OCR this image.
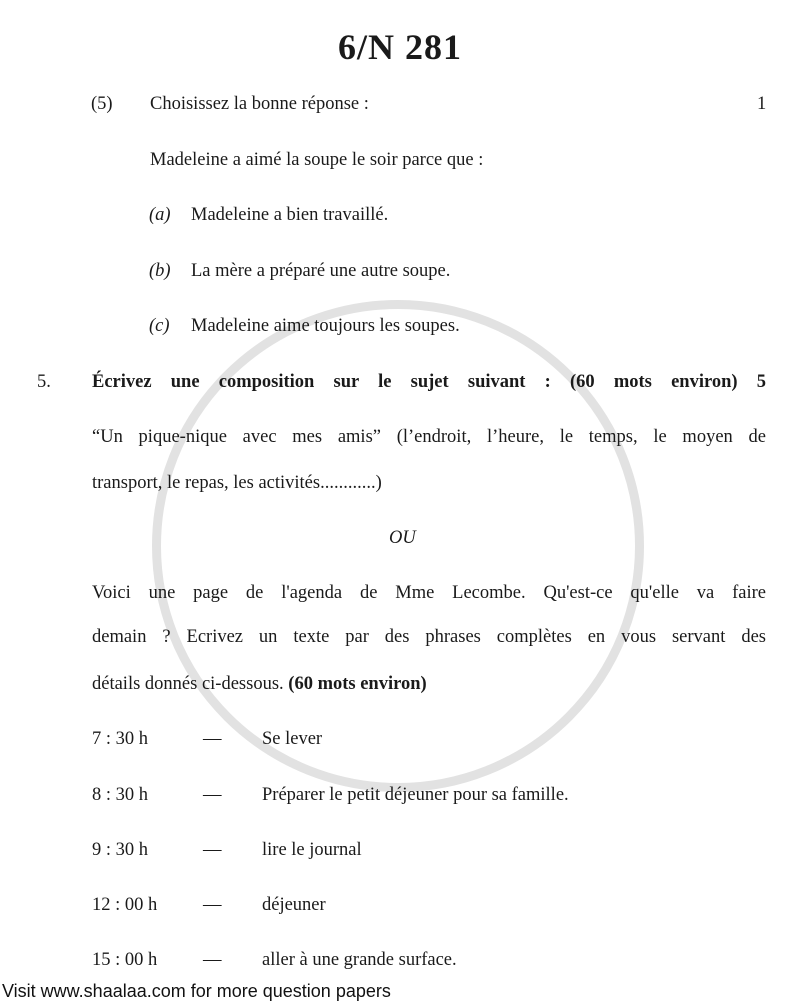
6/N 281
(5) Choisissez la bonne réponse :	1
Madeleine a aimé la soupe le soir parce que :
(a) Madeleine a bien travaillé.
(b) La mère a préparé une autre soupe.
(c) Madeleine aime toujours les soupes.
5. Écrivez une composition sur le sujet suivant : (60 mots environ) 5
“Un pique-nique avec mes amis” (l’endroit, l’heure, le temps, le moyen de
transport, le repas, les activités............)
OU
Voici une page de l'agenda de Mme Lecombe. Qu'est-ce qu'elle va faire
demain ? Ecrivez un texte par des phrases complètes en vous servant des
détails donnés ci-dessous. (60 mots environ)
7 : 30 h	— Se lever
8 : 30 h	— Préparer le petit déjeuner pour sa famille.
9 : 30 h	— lire le journal
12 : 00 h — déjeuner
15 : 00 h — aller à une grande surface.
Visit www.shaalaa.com for more question papers
